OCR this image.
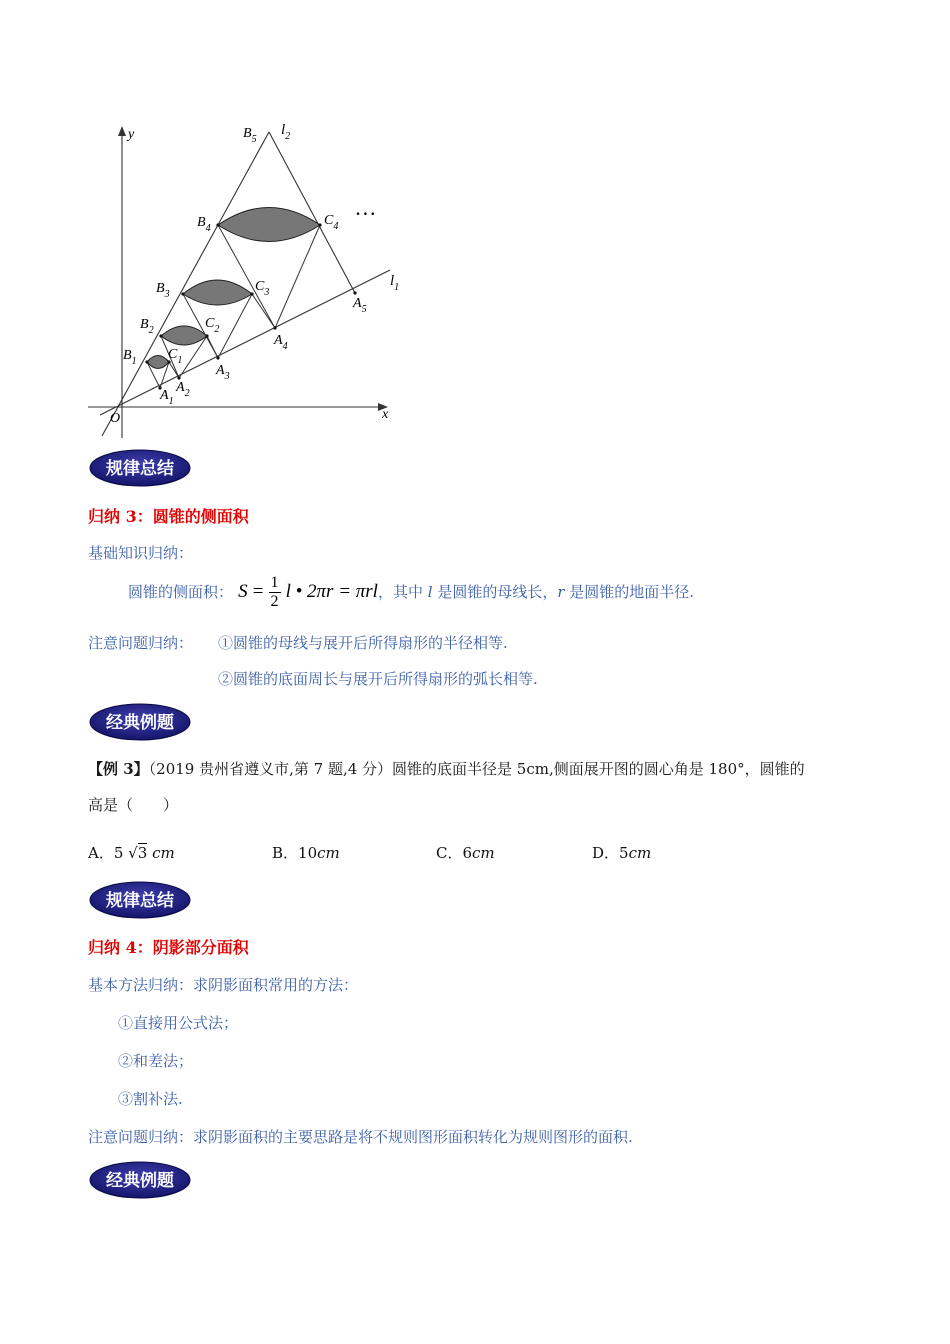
y
x
O
$l_1$
$l_2$
…
$B_5$
$B_4$
$C_4$
$B_3$
$C_3$
$B_2$	$C_2$
$B_1$ $C_1$
$A_1$
$A_2$
$A_3$
$A_4$
$A_5$
规律总结
归纳 3：圆锥的侧面积
基础知识归纳：
圆锥的侧面积： $S = \frac{1}{2}$ l • 2πr = πrl，其中 l 是圆锥的母线长，r 是圆锥的地面半径.
注意问题归纳： ①圆锥的母线与展开后所得扇形的半径相等.
②圆锥的底面周长与展开后所得扇形的弧长相等.
经典例题
【例 3】（2019 贵州省遵义市,第 7 题,4 分）圆锥的底面半径是 5cm,侧面展开图的圆心角是 180°，圆锥的
高是（　　）
A．5 √3 cm	B．10cm	C．6cm	D．5cm
规律总结
归纳 4：阴影部分面积
基本方法归纳：求阴影面积常用的方法：
①直接用公式法；
②和差法；
③割补法.
注意问题归纳：求阴影面积的主要思路是将不规则图形面积转化为规则图形的面积.
经典例题
